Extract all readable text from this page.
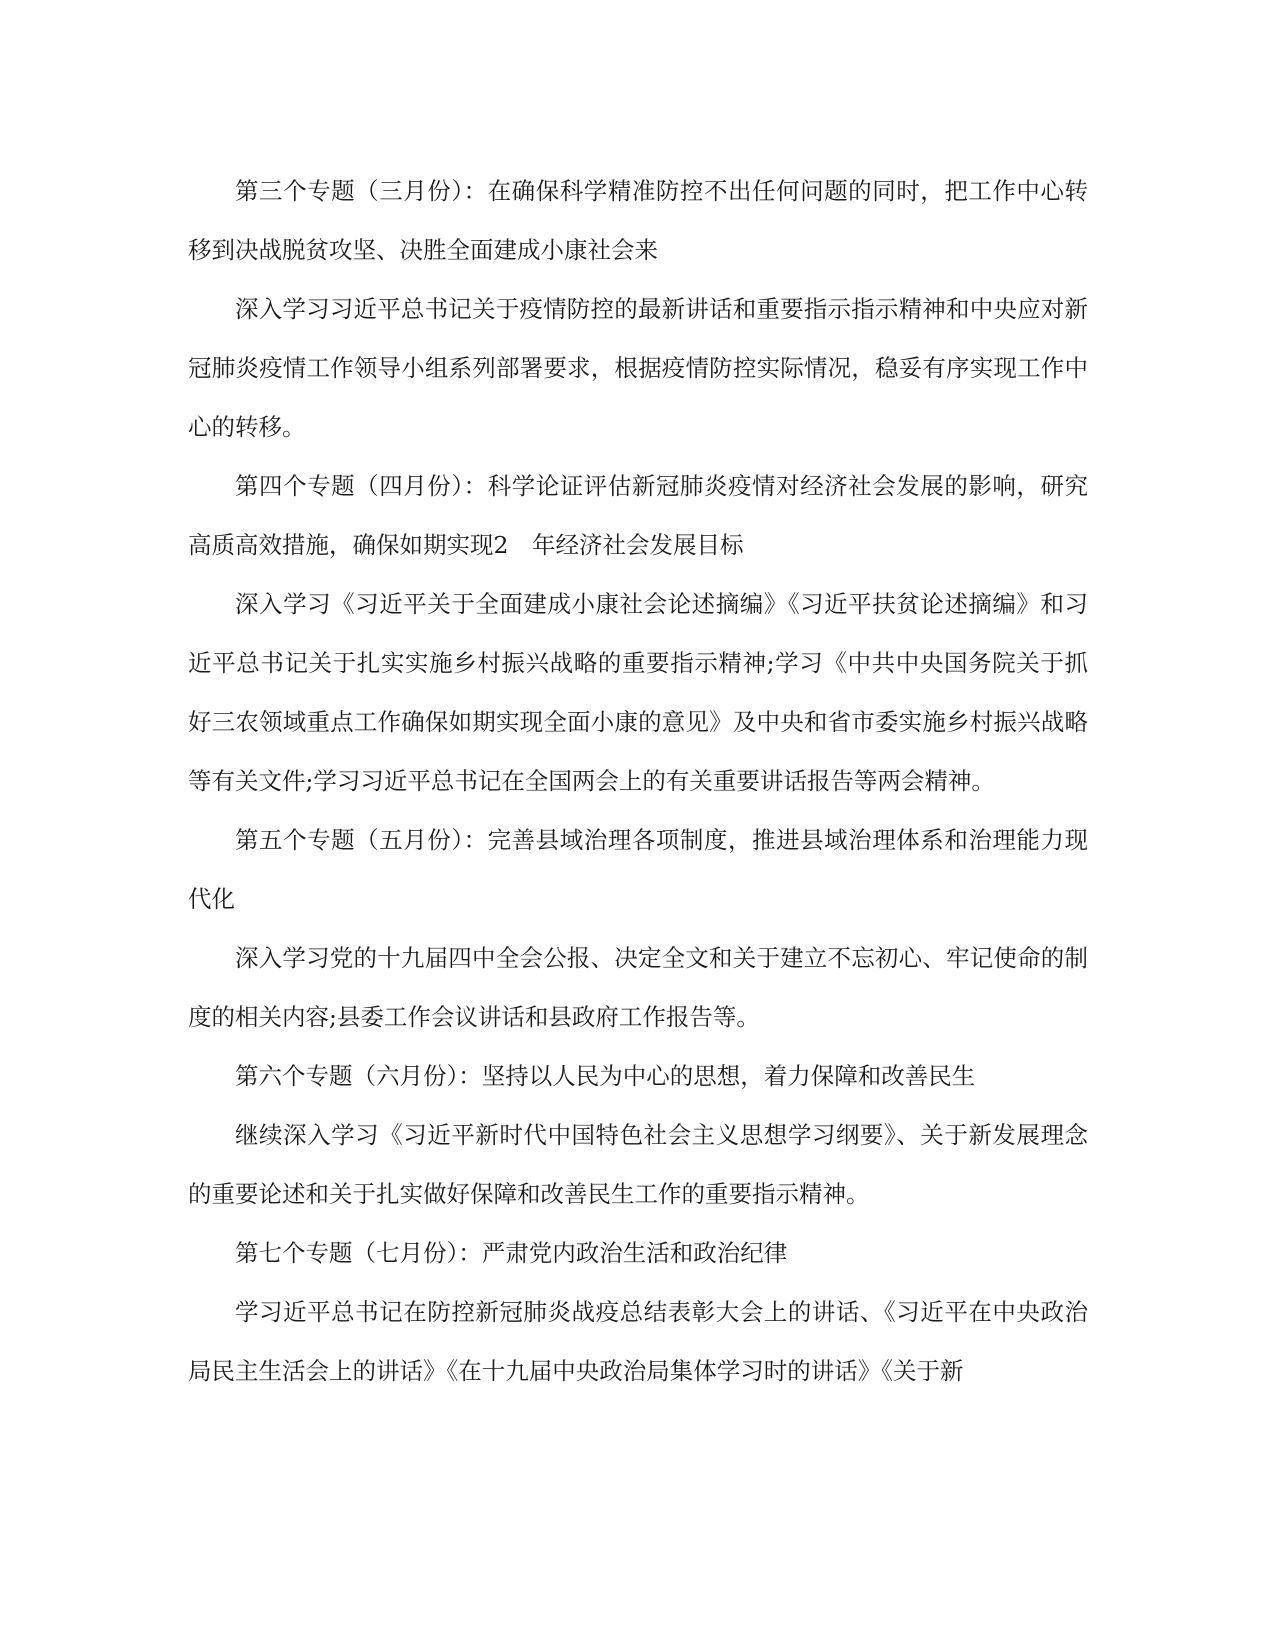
第三个专题（三月份）：在确保科学精准防控不出任何问题的同时，把工作中心转移到决战脱贫攻坚、决胜全面建成小康社会来

深入学习习近平总书记关于疫情防控的最新讲话和重要指示指示精神和中央应对新冠肺炎疫情工作领导小组系列部署要求，根据疫情防控实际情况，稳妥有序实现工作中心的转移。

第四个专题（四月份）：科学论证评估新冠肺炎疫情对经济社会发展的影响，研究高质高效措施，确保如期实现2　年经济社会发展目标

深入学习《习近平关于全面建成小康社会论述摘编》《习近平扶贫论述摘编》和习近平总书记关于扎实实施乡村振兴战略的重要指示精神;学习《中共中央国务院关于抓好三农领域重点工作确保如期实现全面小康的意见》及中央和省市委实施乡村振兴战略等有关文件;学习习近平总书记在全国两会上的有关重要讲话报告等两会精神。

第五个专题（五月份）：完善县域治理各项制度，推进县域治理体系和治理能力现代化

深入学习党的十九届四中全会公报、决定全文和关于建立不忘初心、牢记使命的制度的相关内容;县委工作会议讲话和县政府工作报告等。

第六个专题（六月份）：坚持以人民为中心的思想，着力保障和改善民生

继续深入学习《习近平新时代中国特色社会主义思想学习纲要》、关于新发展理念的重要论述和关于扎实做好保障和改善民生工作的重要指示精神。

第七个专题（七月份）：严肃党内政治生活和政治纪律

学习近平总书记在防控新冠肺炎战疫总结表彰大会上的讲话、《习近平在中央政治局民主生活会上的讲话》《在十九届中央政治局集体学习时的讲话》《关于新
